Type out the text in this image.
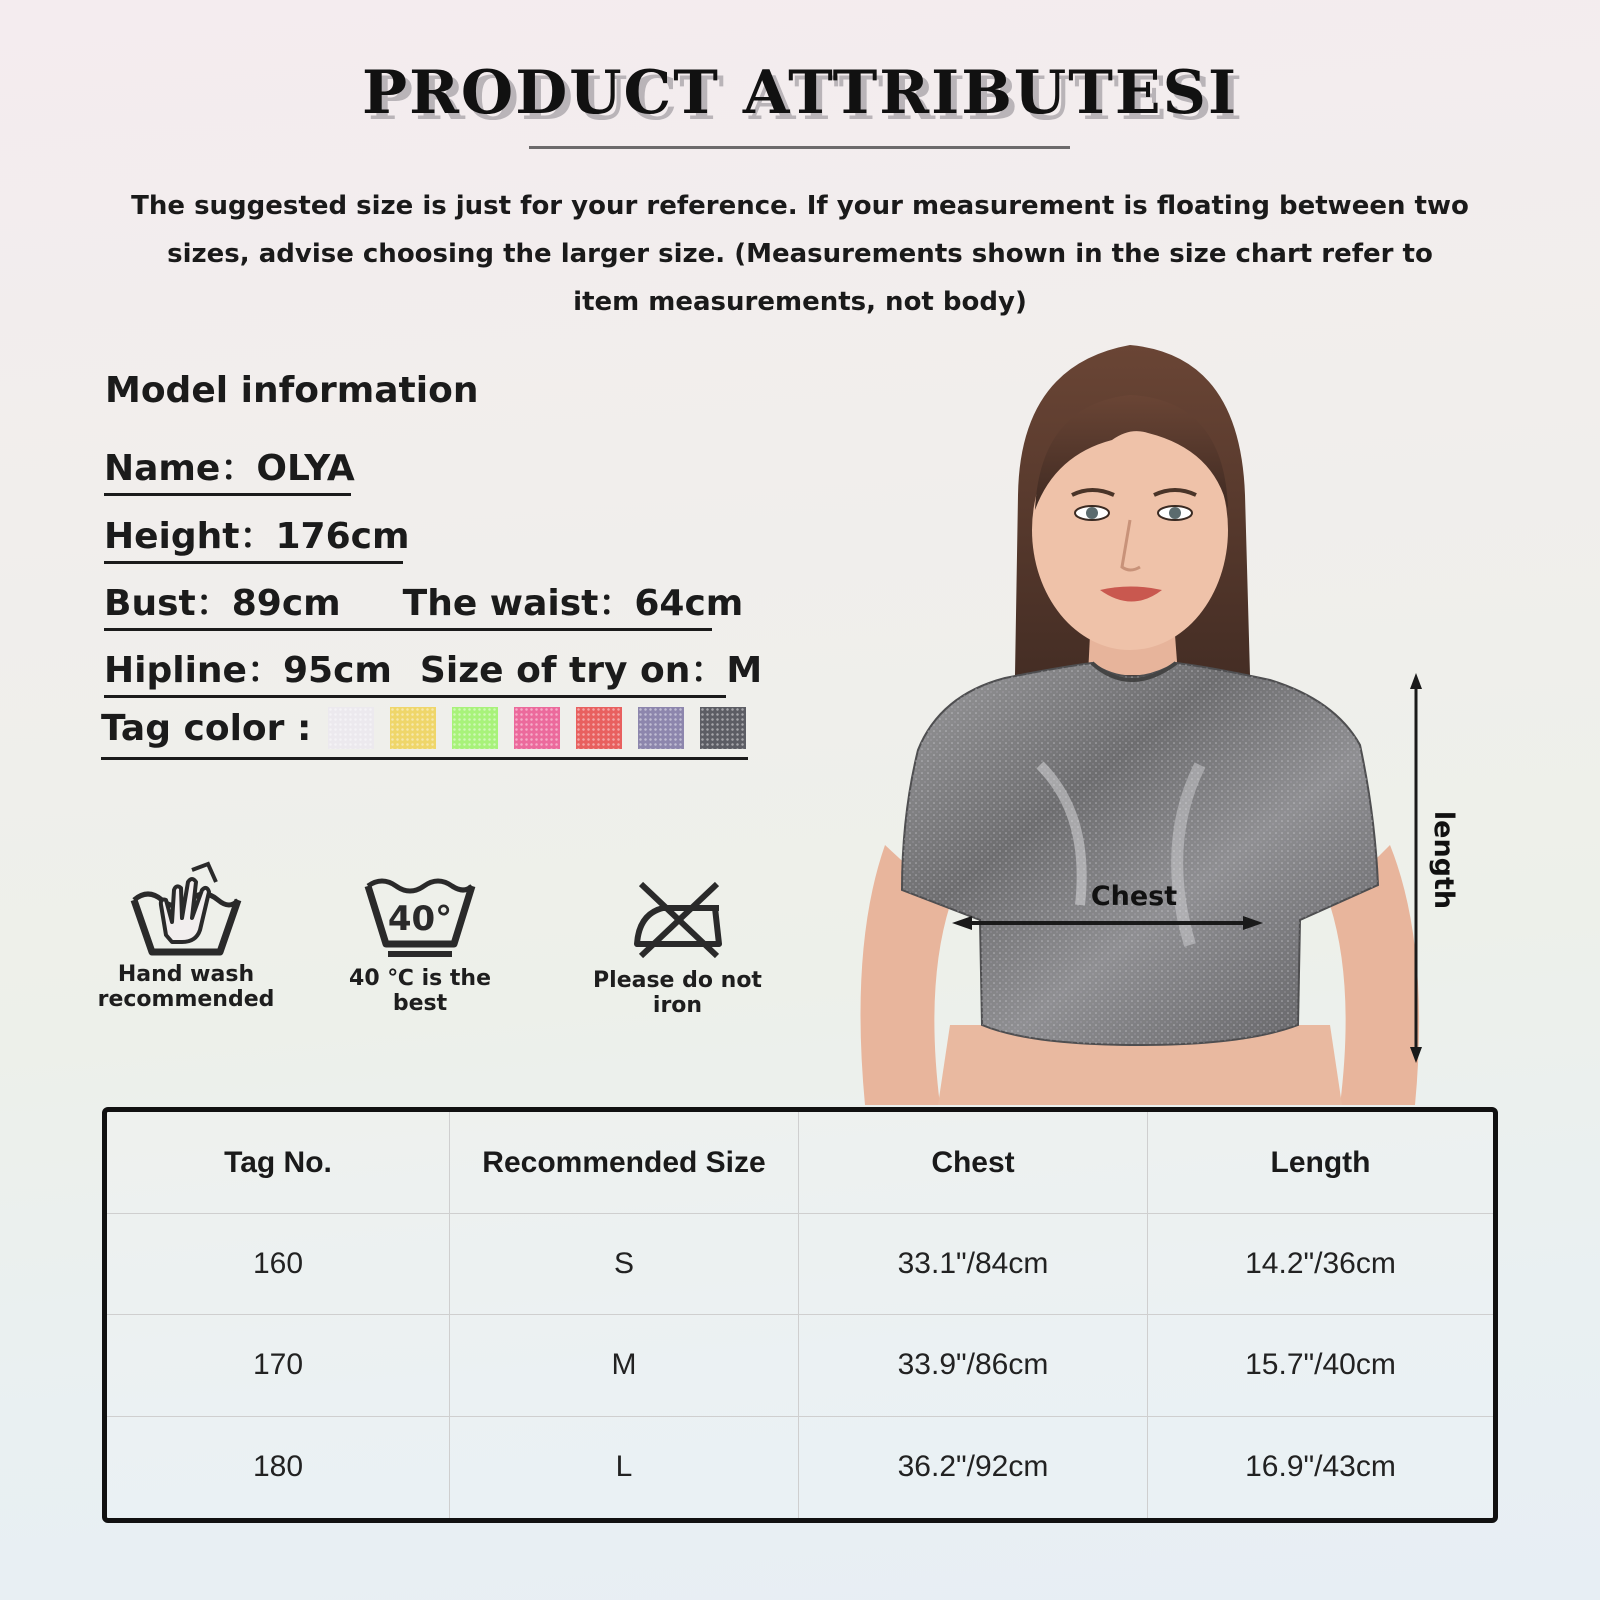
PRODUCT ATTRIBUTESI
The suggested size is just for your reference. If your measurement is floating between two sizes, advise choosing the larger size. (Measurements shown in the size chart refer to item measurements, not body)
Model information
Name：OLYA
Height：176cm
Bust：89cm The waist：64cm
Hipline：95cm Size of try on：M
Tag color :
Hand wash
recommended
40°
40 ℃ is the best
Please do not iron
Chest	length
Tag No.	Recommended Size	Chest	Length
160	S	33.1"/84cm	14.2"/36cm
170	M	33.9"/86cm	15.7"/40cm
180	L	36.2"/92cm	16.9"/43cm
